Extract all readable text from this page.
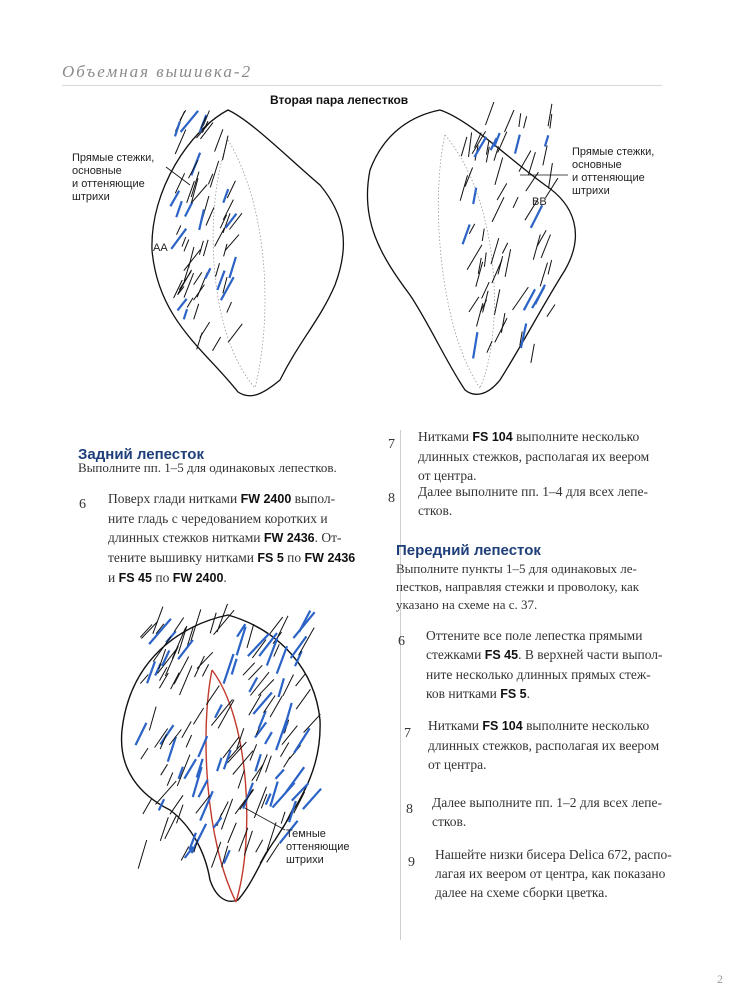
Объемная вышивка-2
Вторая пара лепестков
Прямые стежки,
основные
и оттеняющие
штрихи
Прямые стежки,
основные
и оттеняющие
штрихи
AA
BB
Задний лепесток
Выполните пп. 1–5 для одинаковых лепестков.
6 Поверх глади нитками FW 2400 выпол-
ните гладь с чередованием коротких и
длинных стежков нитками FW 2436. От-
тените вышивку нитками FS 5 по FW 2436
и FS 45 по FW 2400.
Темные
оттеняющие
штрихи
7
Нитками FS 104 выполните несколько
длинных стежков, располагая их веером
от центра.
8 Далее выполните пп. 1–4 для всех лепе-
стков.
Передний лепесток
Выполните пункты 1–5 для одинаковых ле-
пестков, направляя стежки и проволоку, как
указано на схеме на с. 37.
6 Оттените все поле лепестка прямыми
стежками FS 45. В верхней части выпол-
ните несколько длинных прямых стеж-
ков нитками FS 5.
7
Нитками FS 104 выполните несколько
длинных стежков, располагая их веером
от центра.
8 Далее выполните пп. 1–2 для всех лепе-
стков.
9
Нашейте низки бисера Delica 672, распо-
лагая их веером от центра, как показано
далее на схеме сборки цветка.
2
